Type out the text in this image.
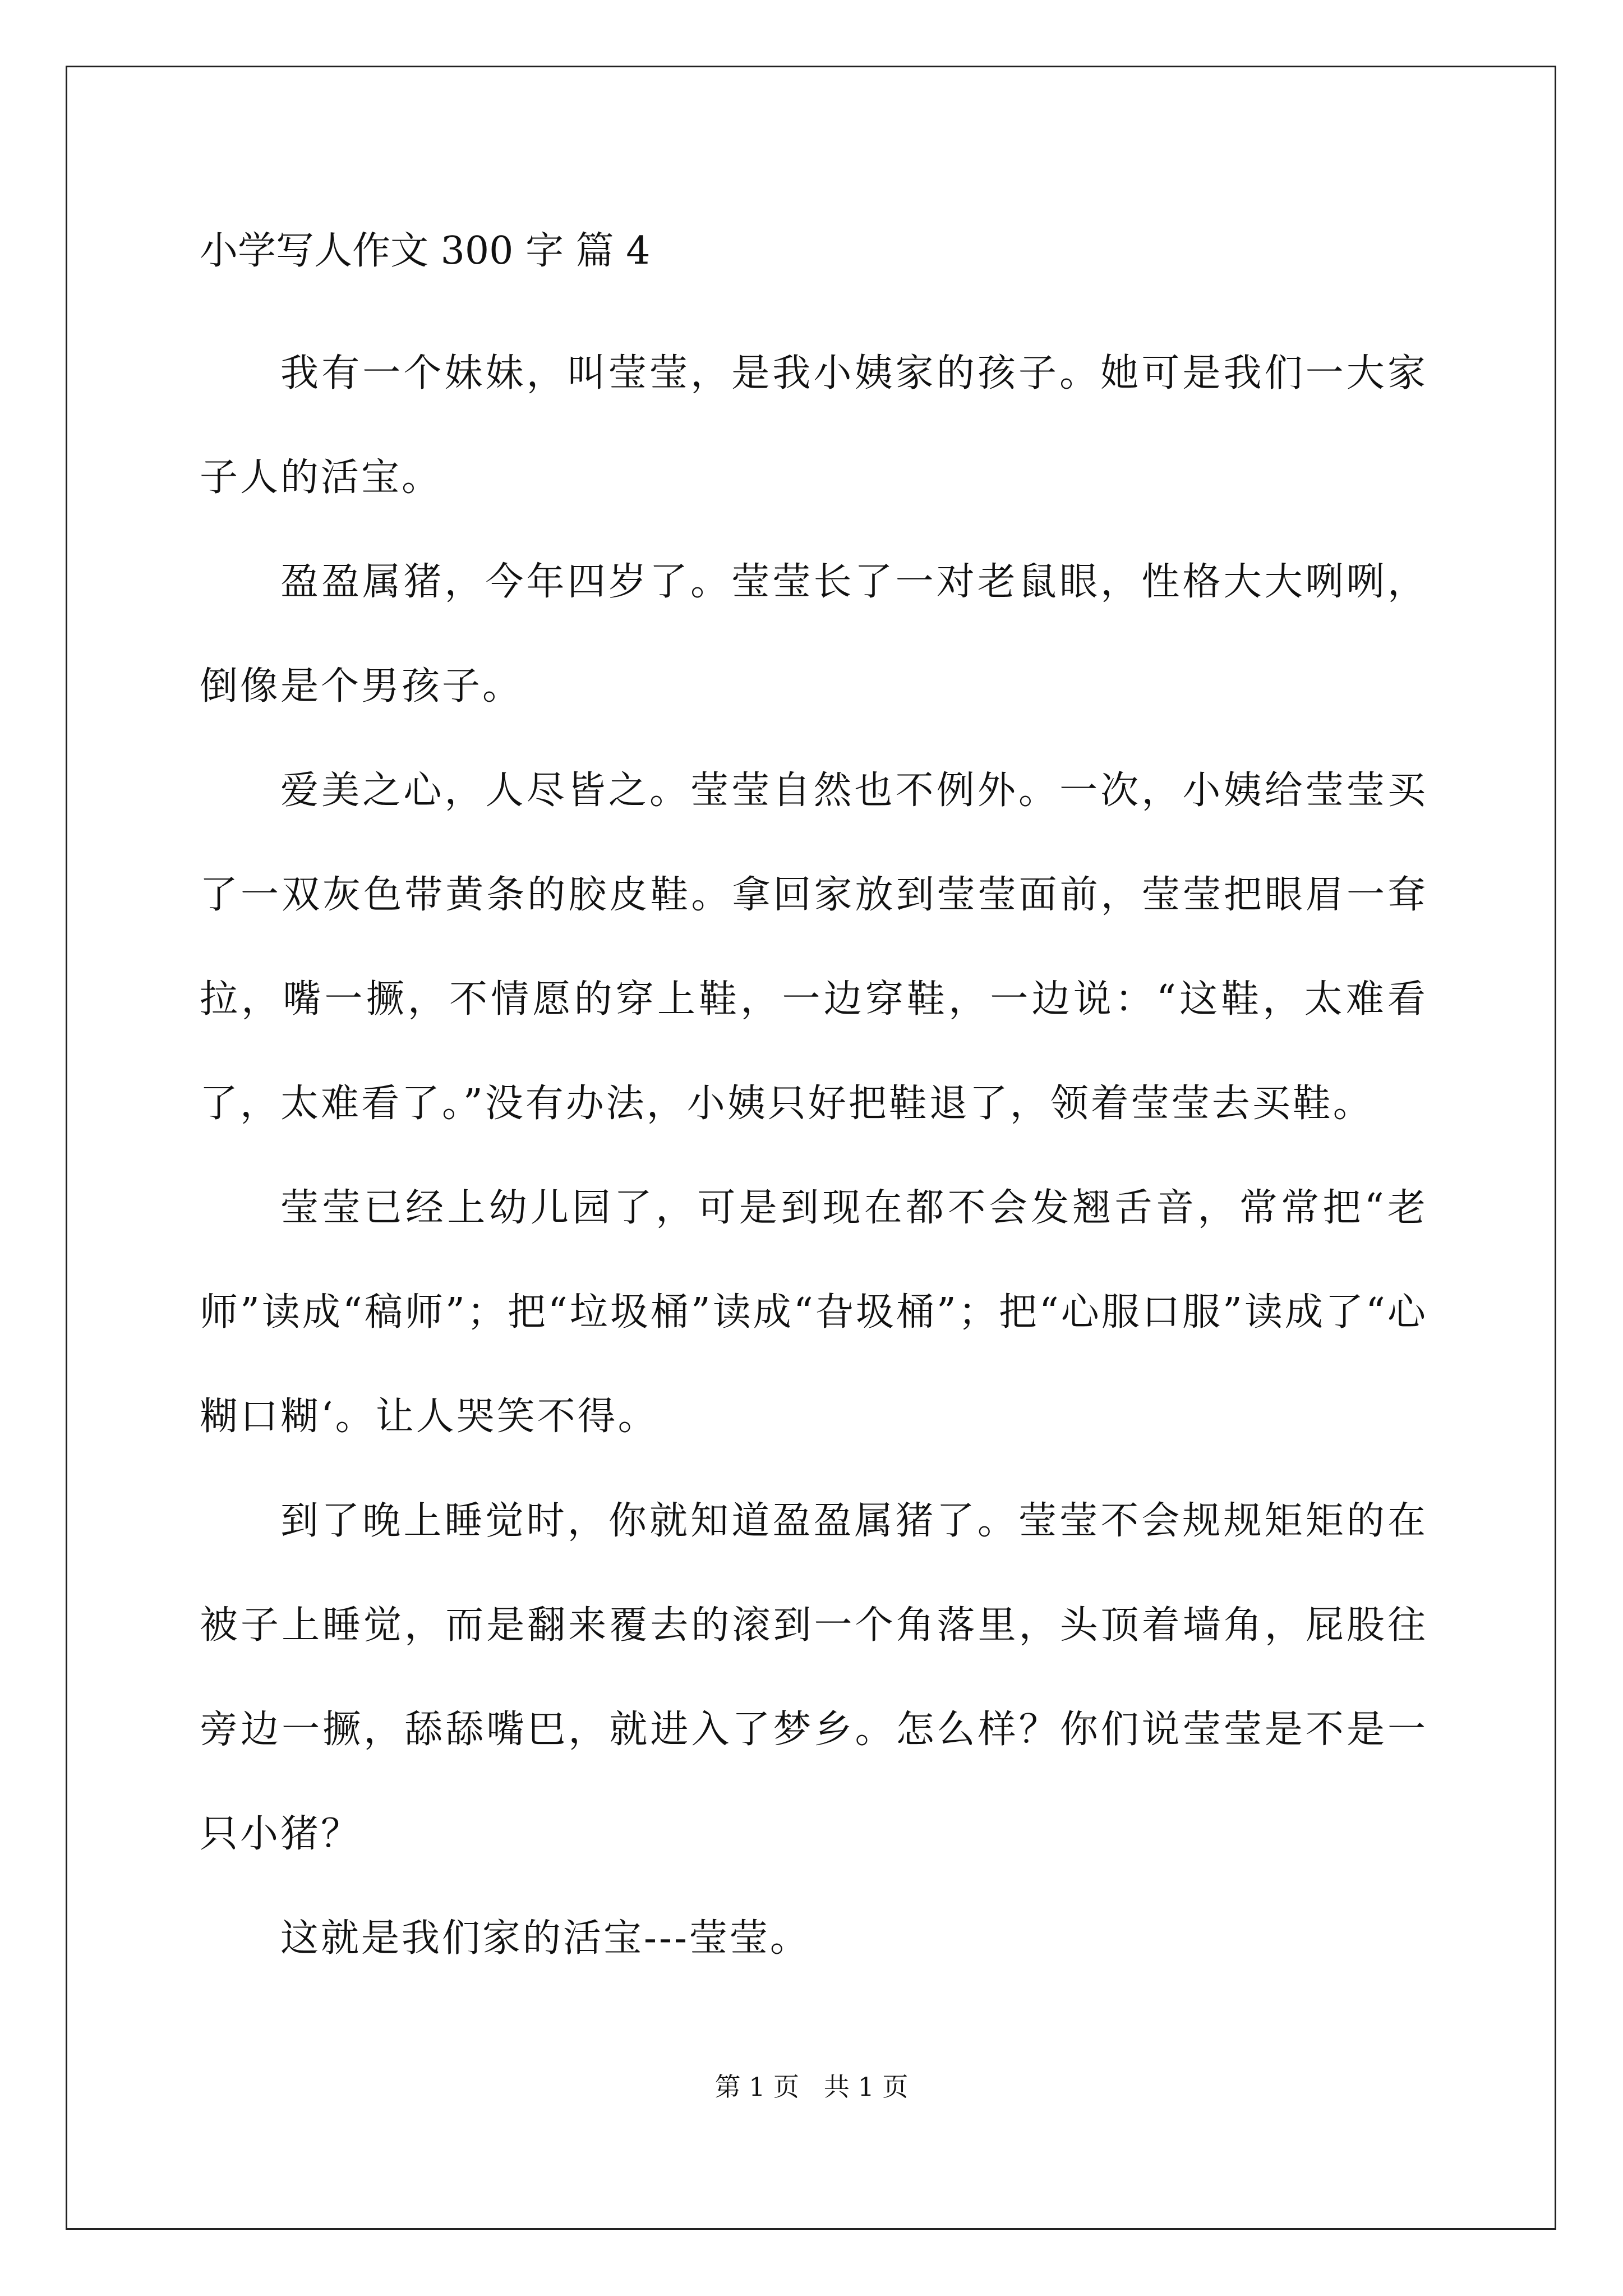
小学写人作文 300 字 篇 4

我有一个妹妹，叫莹莹，是我小姨家的孩子。她可是我们一大家子人的活宝。

盈盈属猪，今年四岁了。莹莹长了一对老鼠眼，性格大大咧咧，倒像是个男孩子。

爱美之心，人尽皆之。莹莹自然也不例外。一次，小姨给莹莹买了一双灰色带黄条的胶皮鞋。拿回家放到莹莹面前，莹莹把眼眉一耷拉，嘴一撅，不情愿的穿上鞋，一边穿鞋，一边说：“这鞋，太难看了，太难看了。”没有办法，小姨只好把鞋退了，领着莹莹去买鞋。

莹莹已经上幼儿园了，可是到现在都不会发翘舌音，常常把“老师”读成“稿师”；把“垃圾桶”读成“旮圾桶”；把“心服口服”读成了“心糊口糊‘。让人哭笑不得。

到了晚上睡觉时，你就知道盈盈属猪了。莹莹不会规规矩矩的在被子上睡觉，而是翻来覆去的滚到一个角落里，头顶着墙角，屁股往旁边一撅，舔舔嘴巴，就进入了梦乡。怎么样？你们说莹莹是不是一只小猪？

这就是我们家的活宝---莹莹。

第 1 页   共 1 页
